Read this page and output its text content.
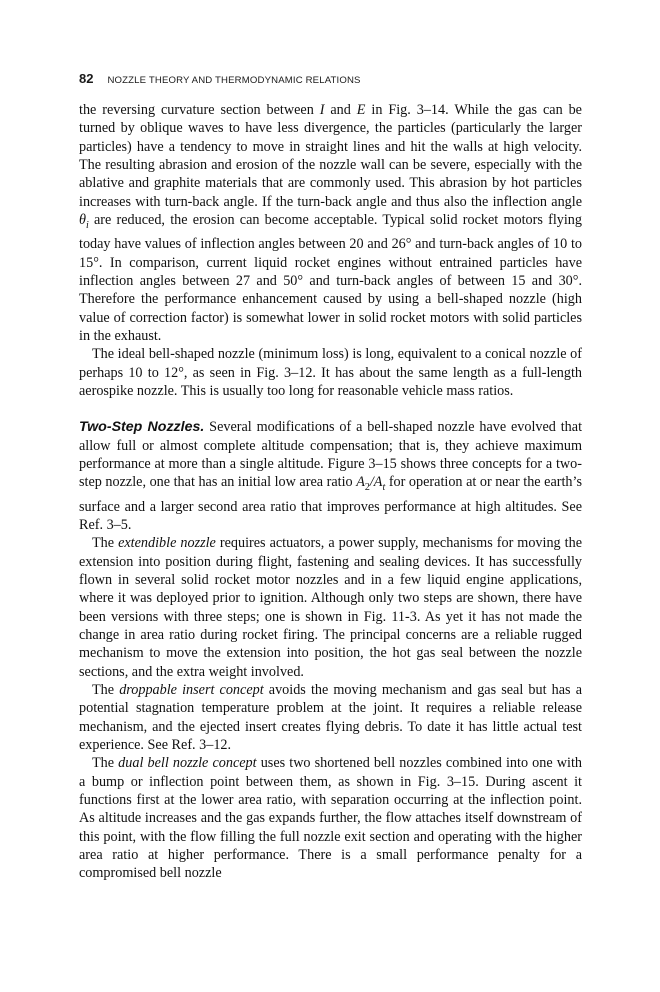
82 NOZZLE THEORY AND THERMODYNAMIC RELATIONS

the reversing curvature section between I and E in Fig. 3–14. While the gas can be turned by oblique waves to have less divergence, the particles (particularly the larger particles) have a tendency to move in straight lines and hit the walls at high velocity. The resulting abrasion and erosion of the nozzle wall can be severe, especially with the ablative and graphite materials that are commonly used. This abrasion by hot particles increases with turn-back angle. If the turn-back angle and thus also the inflection angle $\theta_i$ are reduced, the erosion can become acceptable. Typical solid rocket motors flying today have values of inflection angles between 20 and 26° and turn-back angles of 10 to 15°. In comparison, current liquid rocket engines without entrained particles have inflection angles between 27 and 50° and turn-back angles of between 15 and 30°. Therefore the performance enhancement caused by using a bell-shaped nozzle (high value of correction factor) is somewhat lower in solid rocket motors with solid particles in the exhaust.

The ideal bell-shaped nozzle (minimum loss) is long, equivalent to a conical nozzle of perhaps 10 to 12°, as seen in Fig. 3–12. It has about the same length as a full-length aerospike nozzle. This is usually too long for reasonable vehicle mass ratios.

Two-Step Nozzles. Several modifications of a bell-shaped nozzle have evolved that allow full or almost complete altitude compensation; that is, they achieve maximum performance at more than a single altitude. Figure 3–15 shows three concepts for a two-step nozzle, one that has an initial low area ratio $A_2/A_t$ for operation at or near the earth’s surface and a larger second area ratio that improves performance at high altitudes. See Ref. 3–5.

The extendible nozzle requires actuators, a power supply, mechanisms for moving the extension into position during flight, fastening and sealing devices. It has successfully flown in several solid rocket motor nozzles and in a few liquid engine applications, where it was deployed prior to ignition. Although only two steps are shown, there have been versions with three steps; one is shown in Fig. 11-3. As yet it has not made the change in area ratio during rocket firing. The principal concerns are a reliable rugged mechanism to move the extension into position, the hot gas seal between the nozzle sections, and the extra weight involved.

The droppable insert concept avoids the moving mechanism and gas seal but has a potential stagnation temperature problem at the joint. It requires a reliable release mechanism, and the ejected insert creates flying debris. To date it has little actual test experience. See Ref. 3–12.

The dual bell nozzle concept uses two shortened bell nozzles combined into one with a bump or inflection point between them, as shown in Fig. 3–15. During ascent it functions first at the lower area ratio, with separation occurring at the inflection point. As altitude increases and the gas expands further, the flow attaches itself downstream of this point, with the flow filling the full nozzle exit section and operating with the higher area ratio at higher performance. There is a small performance penalty for a compromised bell nozzle
